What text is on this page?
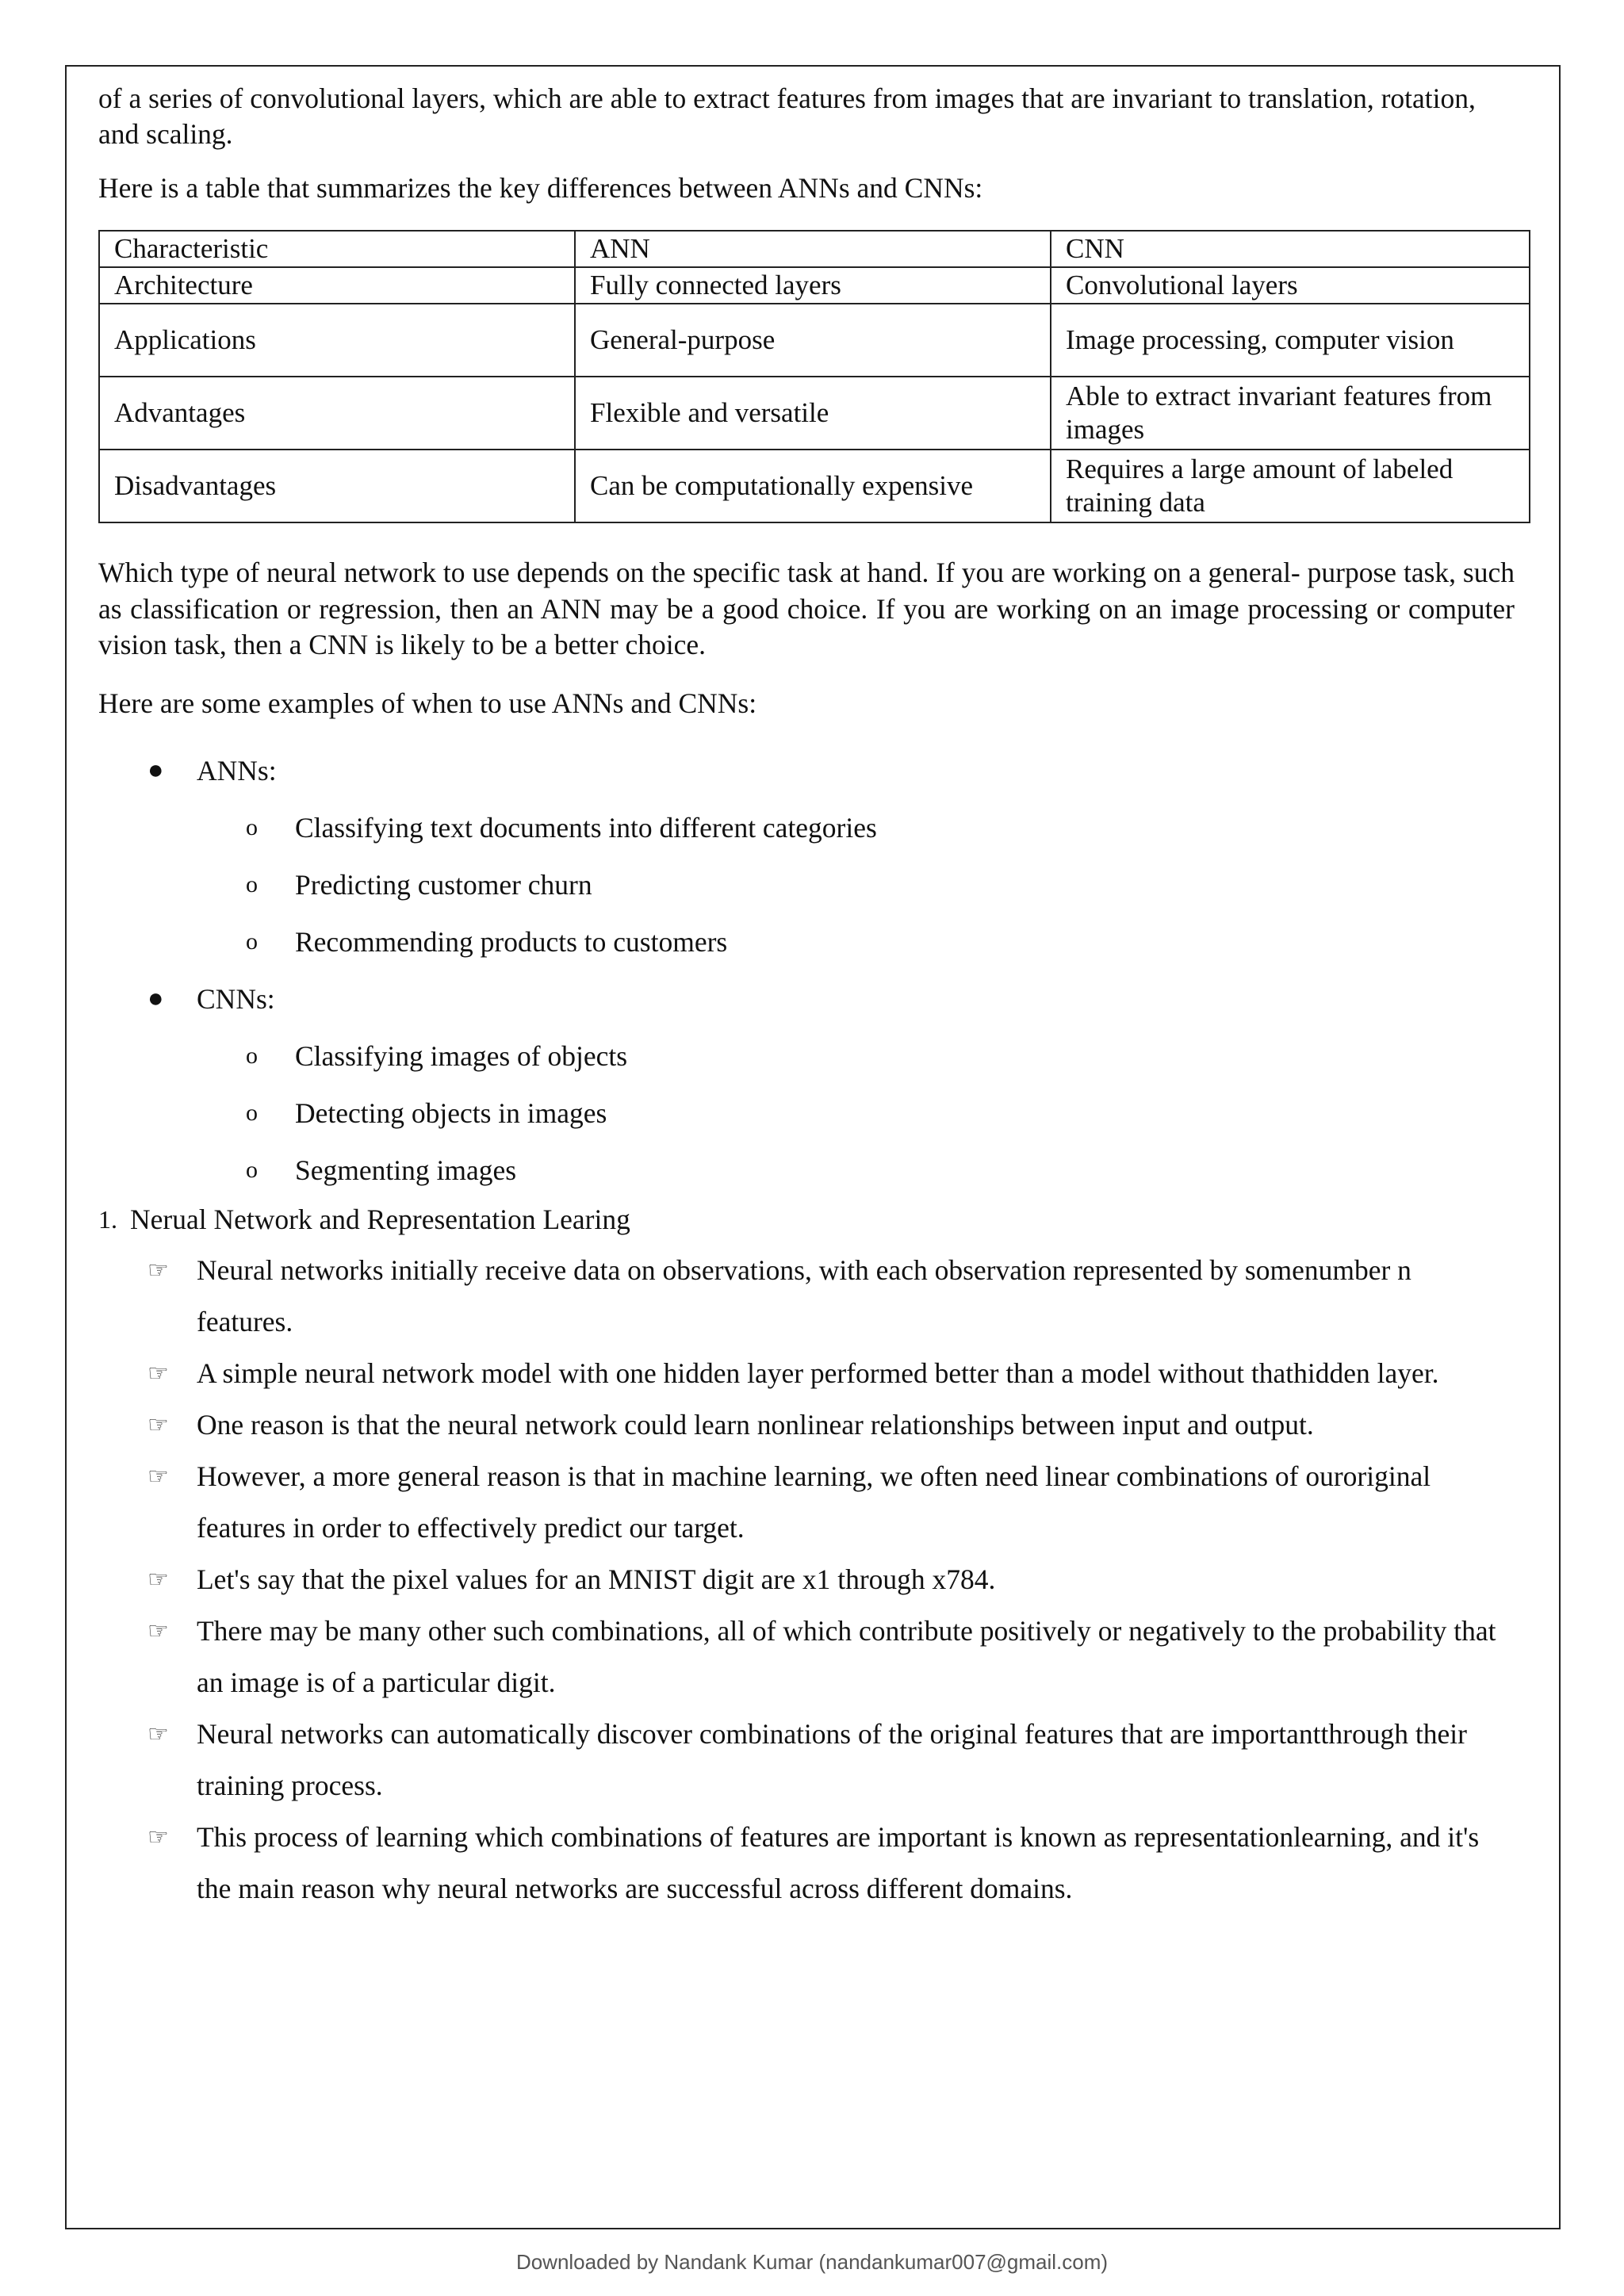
of a series of convolutional layers, which are able to extract features from images that are invariant to translation, rotation, and scaling.

Here is a table that summarizes the key differences between ANNs and CNNs:

Characteristic	ANN	CNN
Architecture	Fully connected layers	Convolutional layers
Applications	General-purpose	Image processing, computer vision
Advantages	Flexible and versatile	Able to extract invariant features from images
Disadvantages	Can be computationally expensive	Requires a large amount of labeled training data

Which type of neural network to use depends on the specific task at hand. If you are working on a general- purpose task, such as classification or regression, then an ANN may be a good choice. If you are working on an image processing or computer vision task, then a CNN is likely to be a better choice.

Here are some examples of when to use ANNs and CNNs:

● ANNs:
o Classifying text documents into different categories
o Predicting customer churn
o Recommending products to customers
● CNNs:
o Classifying images of objects
o Detecting objects in images
o Segmenting images
1. Nerual Network and Representation Learing
☞ Neural networks initially receive data on observations, with each observation represented by somenumber n features.
☞ A simple neural network model with one hidden layer performed better than a model without thathidden layer.
☞ One reason is that the neural network could learn nonlinear relationships between input and output.
☞ However, a more general reason is that in machine learning, we often need linear combinations of ouroriginal features in order to effectively predict our target.
☞ Let's say that the pixel values for an MNIST digit are x1 through x784.
☞ There may be many other such combinations, all of which contribute positively or negatively to the probability that an image is of a particular digit.
☞ Neural networks can automatically discover combinations of the original features that are importantthrough their training process.
☞ This process of learning which combinations of features are important is known as representationlearning, and it's the main reason why neural networks are successful across different domains.
Downloaded by Nandank Kumar (nandankumar007@gmail.com)
